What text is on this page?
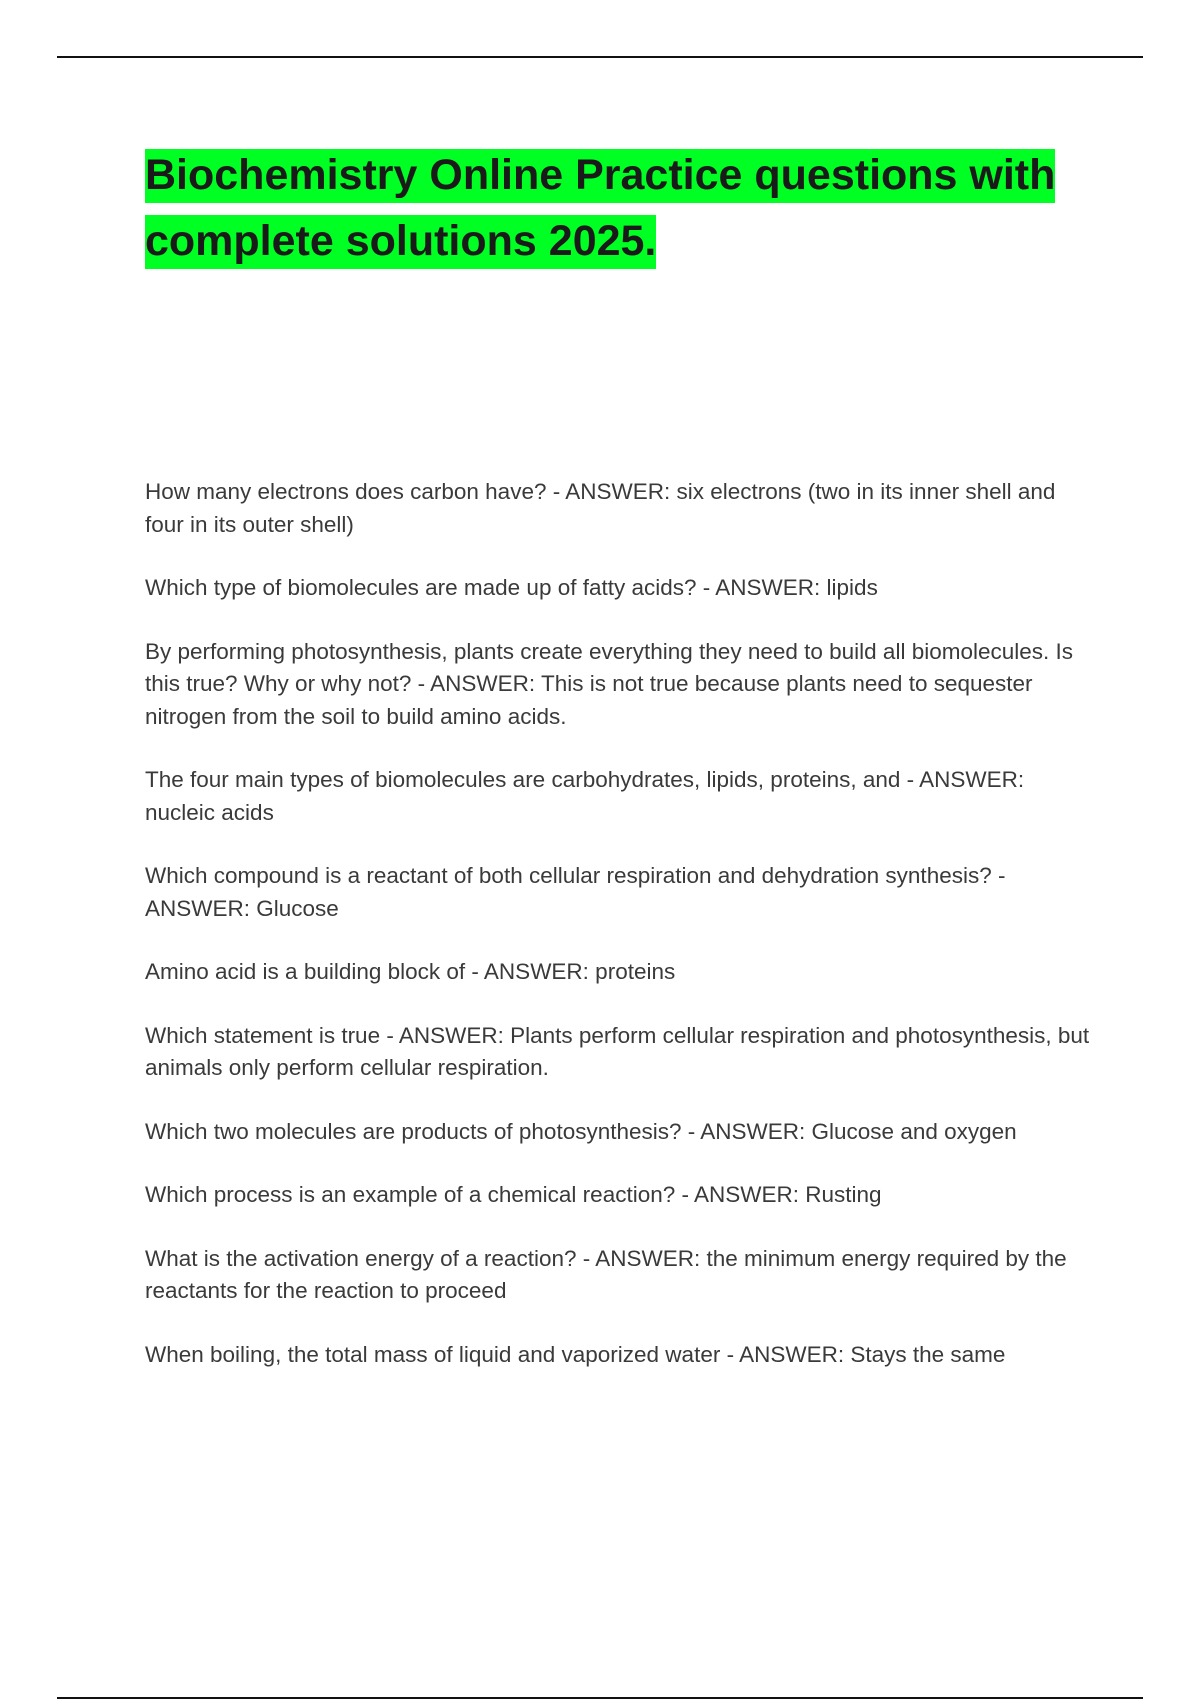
Biochemistry Online Practice questions with complete solutions 2025.
How many electrons does carbon have? - ANSWER: six electrons (two in its inner shell and four in its outer shell)
Which type of biomolecules are made up of fatty acids? - ANSWER: lipids
By performing photosynthesis, plants create everything they need to build all biomolecules. Is this true? Why or why not? - ANSWER: This is not true because plants need to sequester nitrogen from the soil to build amino acids.
The four main types of biomolecules are carbohydrates, lipids, proteins, and - ANSWER: nucleic acids
Which compound is a reactant of both cellular respiration and dehydration synthesis? - ANSWER: Glucose
Amino acid is a building block of - ANSWER: proteins
Which statement is true - ANSWER: Plants perform cellular respiration and photosynthesis, but animals only perform cellular respiration.
Which two molecules are products of photosynthesis? - ANSWER: Glucose and oxygen
Which process is an example of a chemical reaction? - ANSWER: Rusting
What is the activation energy of a reaction? - ANSWER: the minimum energy required by the reactants for the reaction to proceed
When boiling, the total mass of liquid and vaporized water - ANSWER: Stays the same
